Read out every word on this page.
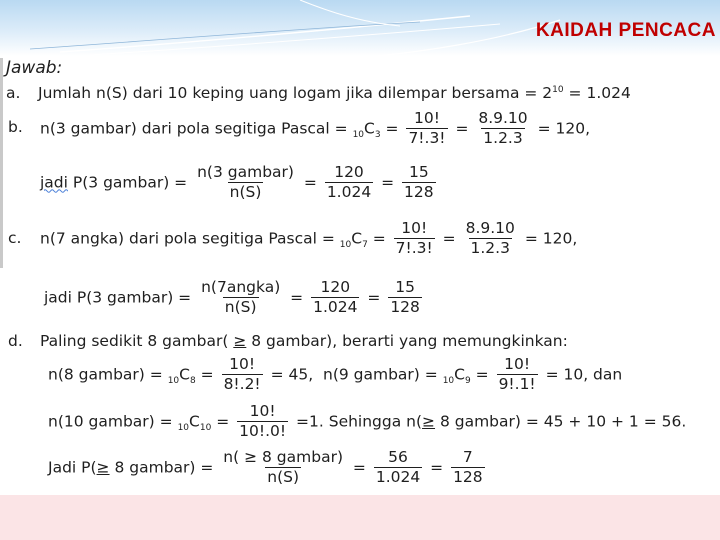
KAIDAH PENCACA
Jawab:
a. Jumlah n(S) dari 10 keping uang logam jika dilempar bersama = $2^{10} = 1.024$
b. n(3 gambar) dari pola segitiga Pascal = $_{10}C_3 = \frac{10!}{7!.3!} = \frac{8.9.10}{1.2.3} = 120$,
jadi P(3 gambar) = $\frac{\text{n(3 gambar)}}{n(S)} = \frac{120}{1.024} = \frac{15}{128}$
c. n(7 angka) dari pola segitiga Pascal = $_{10}C_7 = \frac{10!}{7!.3!} = \frac{8.9.10}{1.2.3} = 120$,
jadi P(3 gambar) = $\frac{\text{n(7angka)}}{n(S)} = \frac{120}{1.024} = \frac{15}{128}$
d. Paling sedikit 8 gambar( ≥ 8 gambar), berarti yang memungkinkan:
n(8 gambar) = $_{10}C_8 = \frac{10!}{8!.2!} = 45$,  n(9 gambar) = $_{10}C_9 = \frac{10!}{9!.1!} = 10$, dan
n(10 gambar) = $_{10}C_{10} = \frac{10!}{10!.0!} =1$. Sehingga n(≥ 8 gambar) = 45 + 10 + 1 = 56.
Jadi P(≥ 8 gambar) = $\frac{\text{n( ≥ 8 gambar)}}{n(S)} = \frac{56}{1.024} = \frac{7}{128}$
